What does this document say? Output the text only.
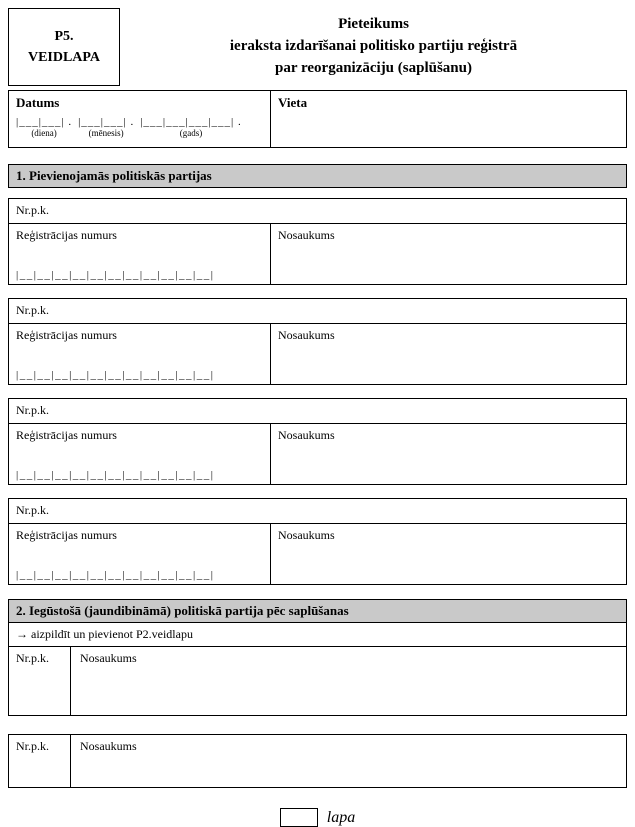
P5.
VEIDLAPA
Pieteikums
ieraksta izdarīšanai politisko partiju reģistrā
par reorganizāciju (saplūšanu)
Datums
|___|___| .
(diena)
|___|___| .
(mēnesis)
|___|___|___|___| .
(gads)
Vieta
1. Pievienojamās politiskās partijas
Nr.p.k.
Reģistrācijas numurs
|__|__|__|__|__|__|__|__|__|__|__|
Nosaukums
Nr.p.k.
Reģistrācijas numurs
|__|__|__|__|__|__|__|__|__|__|__|
Nosaukums
Nr.p.k.
Reģistrācijas numurs
|__|__|__|__|__|__|__|__|__|__|__|
Nosaukums
Nr.p.k.
Reģistrācijas numurs
|__|__|__|__|__|__|__|__|__|__|__|
Nosaukums
2. Iegūstošā (jaundibināmā) politiskā partija pēc saplūšanas
→ aizpildīt un pievienot P2.veidlapu
Nr.p.k.	Nosaukums
Nr.p.k.	Nosaukums
lapa
